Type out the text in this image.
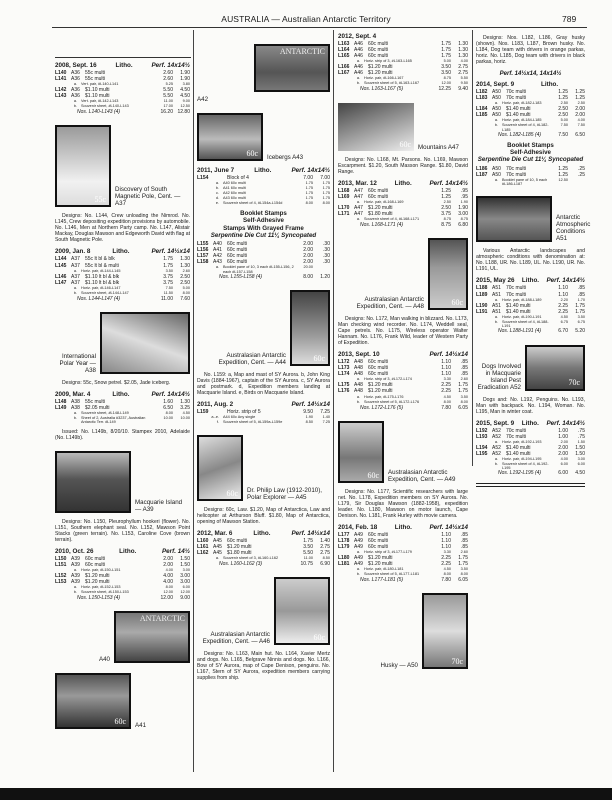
AUSTRALIA — Australian Antarctic Territory	789
2008, Sept. 16	Litho.	Perf. 14x14½
L140 A36	55c multi	2.60	1.90
L141 A36	55c multi	2.60	1.90
a.	Vert. pair, #L140-L141	5.25	3.80
L142 A36	$1.10 multi	5.50	4.50
L143 A36	$1.10 multi	5.50	4.50
a.	Vert. pair, #L142-L143	11.00	9.00
b.	Souvenir sheet, #L140-L143	17.00	12.50
Nos. L140-L143 (4)	16.20 12.80
55c
Discovery of South Magnetic Pole, Cent. — A37

Designs: No. L144, Crew unloading the Nimrod. No. L145, Crew depositing expedition provisions by automobile. No. L146, Men at Northern Party camp. No. L147, Alistair Mackay, Douglas Mawson and Edgeworth David with flag at South Magnetic Pole.

2009, Jan. 8	Litho.	Perf. 14½x14
L144 A37	55c lt bl & blk	1.75	1.30
L145 A37	55c lt bl & multi	1.75	1.30
a.	Horiz. pair, #L144-L145	3.50	2.60
L146 A37	$1.10 lt bl & blk	3.75	2.50
L147 A37	$1.10 lt bl & blk	3.75	2.50
a.	Horiz. pair, #L146-L147	7.50	5.00
b.	Souvenir sheet, #L144-L147	11.50	8.00
Nos. L144-L147 (4)	11.00	7.60
International Polar Year — A38

Designs: 55c, Snow petrel. $2.05, Jade iceberg.

2009, Mar. 4	Litho.	Perf. 14x14½
L148 A38	55c multi	1.60	1.30
L149 A38	$2.05 multi	6.50	3.25
a.	Souvenir sheet, #L148-L149	8.00	4.50
b.	Sheet of 2, Australia #3237, Australian Antarctic Terr. #L149
10.00	10.00

Issued: No. L149b, 8/20/10. Stampex 2010, Adelaide (No. L149b).

Macquarie Island — A39

Designs: No. L150, Pleurophyllum hookeri (flower). No. L151, Southern elephant seal. No. L152, Mawson Point Stacks (green terrain). No. L153, Caroline Cove (brown terrain).

2010, Oct. 26	Litho.	Perf. 14½
L150 A39	60c multi	2.00	1.50
L151 A39	60c multi	2.00	1.50
a.	Horiz. pair, #L150-L151	4.00	3.00
L152 A39	$1.20 multi	4.00	3.00
L153 A39	$1.20 multi	4.00	3.00
a.	Horiz. pair, #L152-L153	8.00	6.00
b.	Souvenir sheet, #L150-L153	12.00	12.00
Nos. L150-L153 (4)	12.00	9.00
A40
ANTARCTIC
60c A41
ANTARCTIC
A42
60c Icebergs A43
2011, June 7	Litho.	Perf. 14x14½
L154	Block of 4	7.00	7.00
a.	A40 60c multi	1.75	1.75
b.	A41 60c multi	1.75	1.75
c.	A42 60c multi	1.75	1.75
d.	A43 60c multi	1.75	1.75
e.	Souvenir sheet of 4, #L154a-L154d	8.00	8.00
Booklet Stamps
Self-Adhesive
Stamps With Grayed Frame
Serpentine Die Cut 11¼ Syncopated
L155 A40	60c multi	2.00	.30
L156 A41	60c multi	2.00	.30
L157 A42	60c multi	2.00	.30
L158 A43	60c multi	2.00	.30
a.	Booklet pane of 10, 3 each #L155-L156, 2 each #L157-L158
20.00
Nos. L155-L158 (4)	8.00	1.20
Australasian Antarctic Expedition, Cent. — A44	60c

No. L159: a, Map and mast of SY Aurora. b, John King Davis (1884-1967), captain of the SY Aurora. c, SY Aurora and postmark. d, Expedition members landing at Macquarie Island. e, Birds on Macquarie Island.

2011, Aug. 2	Perf. 14½x14
L159	Horiz. strip of 5	9.50	7.25
a.-e.	A44 60c Any single	1.90	1.40
f.	Souvenir sheet of 5, #L159a-L159e	8.50	7.25
60c Dr. Philip Law (1912-2010), Polar Explorer — A45

Designs: 60c, Law. $1.20, Map of Antarctica, Law and helicopter at Arthurson Bluff. $1.80, Map of Antarctica, opening of Mawson Station.

2012, Mar. 6	Litho.	Perf. 14½x14
L160 A45	60c multi	1.75	1.40
L161 A45	$1.20 multi	3.50	2.75
L162 A45	$1.80 multi	5.50	2.75
a.	Souvenir sheet of 3, #L160-L162	11.00	8.50
Nos. L160-L162 (3)	10.75	6.90
Australasian Antarctic Expedition, Cent. — A46	60c

Designs: No. L163, Main hut. No. L164, Xavier Mertz and dogs. No. L165, Belgrave Ninnis and dogs. No. L166, Bow of SY Aurora, map of Cape Denison, penguins. No. L167, Stern of SY Aurora, expedition members carrying supplies from ship.

2012, Sept. 4
L163 A46	60c multi	1.75	1.30
L164 A46	60c multi	1.75	1.30
L165 A46	60c multi	1.75	1.30
a.	Horiz. strip of 3, #L163-L165	5.00	4.00
L166 A46	$1.20 multi	3.50	2.75
L167 A46	$1.20 multi	3.50	2.75
a.	Horiz. pair, #L166-L167	8.75	5.50
b.	Souvenir sheet of 5, #L163-L167	12.00	9.50
Nos. L163-L167 (5)	12.25	9.40
60c Mountains A47

Designs: No. L168, Mt. Parsons. No. L169, Mawson Escarpment. $1.20, South Masson Range. $1.80, David Range.

2013, Mar. 12	Litho.	Perf. 14x14½
L168 A47	60c multi	1.25	.95
L169 A47	60c multi	1.25	.95
a.	Horiz. pair, #L168-L169	2.50	1.90
L170 A47	$1.20 multi	2.50	1.90
L171 A47	$1.80 multi	3.75	3.00
a.	Souvenir sheet of 4, #L168-L171	8.75	8.75
Nos. L168-L171 (4)	8.75	6.80
Australasian Antarctic Expedition, Cent. — A48	60c

Designs: No. L172, Man walking in blizzard. No. L173, Man checking wind recorder. No. L174, Weddell seal, Cape petrels. No. L175, Wireless operator Walter Hannam. No. L176, Frank Wild, leader of Western Party of Expedition.

2013, Sept. 10	Perf. 14½x14
L172 A48	60c multi	1.10	.85
L173 A48	60c multi	1.10	.85
L174 A48	60c multi	1.10	.85
a.	Horiz. strip of 3, #L172-L174	3.30	2.60
L175 A48	$1.20 multi	2.25	1.75
L176 A48	$1.20 multi	2.25	1.75
a.	Horiz. pair, #L175-L176	4.50	3.50
b.	Souvenir sheet of 5, #L172-L176	8.00	8.00
Nos. L172-L176 (5)	7.80	6.05
60c Australasian Antarctic Expedition, Cent. — A49

Designs: No. L177, Scientific researchers with large net. No. L178, Expedition members on SY Aurora. No. L179, Sir Douglas Mawson (1882-1958), expedition leader. No. L180, Mawson on motor launch, Cape Denison. No. L181, Frank Hurley with movie camera.

2014, Feb. 18	Litho.	Perf. 14½x14
L177 A49	60c multi	1.10	.85
L178 A49	60c multi	1.10	.85
L179 A49	60c multi	1.10	.85
a.	Horiz. strip of 3, #L177-L179	3.30	2.60
L180 A49	$1.20 multi	2.25	1.75
L181 A49	$1.20 multi	2.25	1.75
a.	Horiz. pair, #L180-L181	4.50	3.50
b.	Souvenir sheet of 5, #L177-L181	8.00	8.00
Nos. L177-L181 (5)	7.80	6.05
Husky — A50	70c

Designs: Nos. L182, L186, Gray husky (shown). Nos. L183, L187, Brown husky. No. L184, Dog team with drivers in orange parkas, horiz. No. L185, Dog team with drivers in black parkas, horiz.

Perf. 14½x14, 14x14½
2014, Sept. 9	Litho.
L182 A50	70c multi	1.25	1.25
L183 A50	70c multi	1.25	1.25
a.	Horiz. pair, #L182-L183	2.50	2.50
L184 A50	$1.40 multi	2.50	2.00
L185 A50	$1.40 multi	2.50	2.00
a.	Horiz. pair, #L184-L185	5.00	4.00
b.	Souvenir sheet of 4, #L182-L185
7.50	7.50
Nos. L182-L185 (4)	7.50	6.50
Booklet Stamps
Self-Adhesive
Serpentine Die Cut 11¼ Syncopated
L186 A50	70c multi	1.25	.25
L187 A50	70c multi	1.25	.25
a.	Booklet pane of 10, 5 each #L186-L187
12.50
Antarctic Atmospheric Conditions A51

Various Antarctic landscapes and atmospheric conditions with denomination at: No. L188, UR. No. L189, UL. No. L190, UR. No. L191, UL.

2015, May 26 Litho. Perf. 14x14½
L188 A51	70c multi	1.10	.85
L189 A51	70c multi	1.10	.85
a.	Horiz. pair, #L188-L189	2.20	1.70
L190 A51	$1.40 multi	2.25	1.75
L191 A51	$1.40 multi	2.25	1.75
a.	Horiz. pair, #L190-L191	4.50	3.50
b.	Souvenir sheet of 4, #L188-L191
6.75	6.75
Nos. L188-L191 (4)	6.70	5.20
Dogs Involved in Macquarie Island Pest Eradication A52	70c

Dogs and: No. L192, Penguins. No. L193, Man with backpack. No. L194, Woman. No. L195, Man in winter coat.

2015, Sept. 9 Litho. Perf. 14x14½
L192 A52	70c multi	1.00	.75
L193 A52	70c multi	1.00	.75
a.	Horiz. pair, #L192-L193	2.00	1.50
L194 A52	$1.40 multi	2.00	1.50
L195 A52	$1.40 multi	2.00	1.50
a.	Horiz. pair, #L194-L195	4.00	3.00
b.	Souvenir sheet of 4, #L192-L195
6.00	6.00
Nos. L192-L195 (4)	6.00	4.50
